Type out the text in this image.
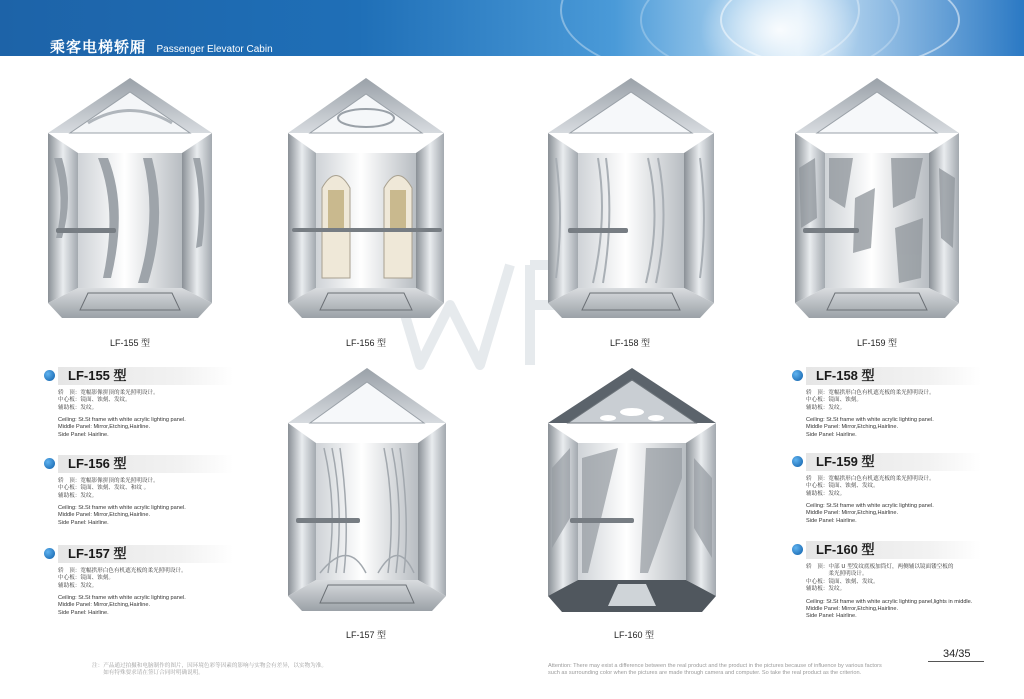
乘客电梯轿厢 Passenger Elevator Cabin
LF-155 型	LF-156 型	LF-158 型	LF-159 型
LF-157 型	LF-160 型
LF-155 型
轿　顶：宽幅影像拼顶的柔光照明设计。
中心板：镜面、蚀刻、发纹。
辅助板：发纹。
Ceiling: St.St frame with white acrylic lighting panel.
Middle Panel: Mirror,Etching,Hairline.
Side Panel: Hairline.
LF-156 型
轿　顶：宽幅影像拼顶的柔光照明设计。
中心板：镜面、蚀刻、发纹、和纹 。
辅助板：发纹。
Ceiling: St.St frame with white acrylic lighting panel.
Middle Panel: Mirror,Etching,Hairline.
Side Panel: Hairline.
LF-157 型
轿　顶：宽幅拱形白色有机遮光板的柔光照明设计。
中心板：镜面、蚀刻。
辅助板：发纹。
Ceiling: St.St frame with white acrylic lighting panel.
Middle Panel: Mirror,Etching,Hairline.
Side Panel: Hairline.
LF-158 型
轿　顶：宽幅拱形白色有机遮光板的柔光照明设计。
中心板：镜面、蚀刻。
辅助板：发纹。
Ceiling: St.St frame with white acrylic lighting panel.
Middle Panel: Mirror,Etching,Hairline.
Side Panel: Hairline.
LF-159 型
轿　顶：宽幅拱形白色有机遮光板的柔光照明设计。
中心板：镜面、蚀刻、发纹。
辅助板：发纹。
Ceiling: St.St frame with white acrylic lighting panel.
Middle Panel: Mirror,Etching,Hairline.
Side Panel: Hairline.
LF-160 型
轿　顶：中部 U 型发纹底板加筒灯，两侧辅以镜面镂空板的
　　　　柔光照明设计。
中心板：镜面、蚀刻、发纹。
辅助板：发纹。
Ceiling: St.St frame with white acrylic lighting panel,lights in middle.
Middle Panel: Mirror,Etching,Hairline.
Side Panel: Hairline.
注：产品通过拍摄和电脑制作的图片，因环境色彩等因素的影响与实物会有差异，以实物为准。
　　如有特殊要求请在签订合同时明确说明。
Attention: There may exist a difference between the real product and the product in the pictures because of influence by various factors
such as surrounding color when the pictures are made through camera and computer. So take the real product as the criterion.
34/35
